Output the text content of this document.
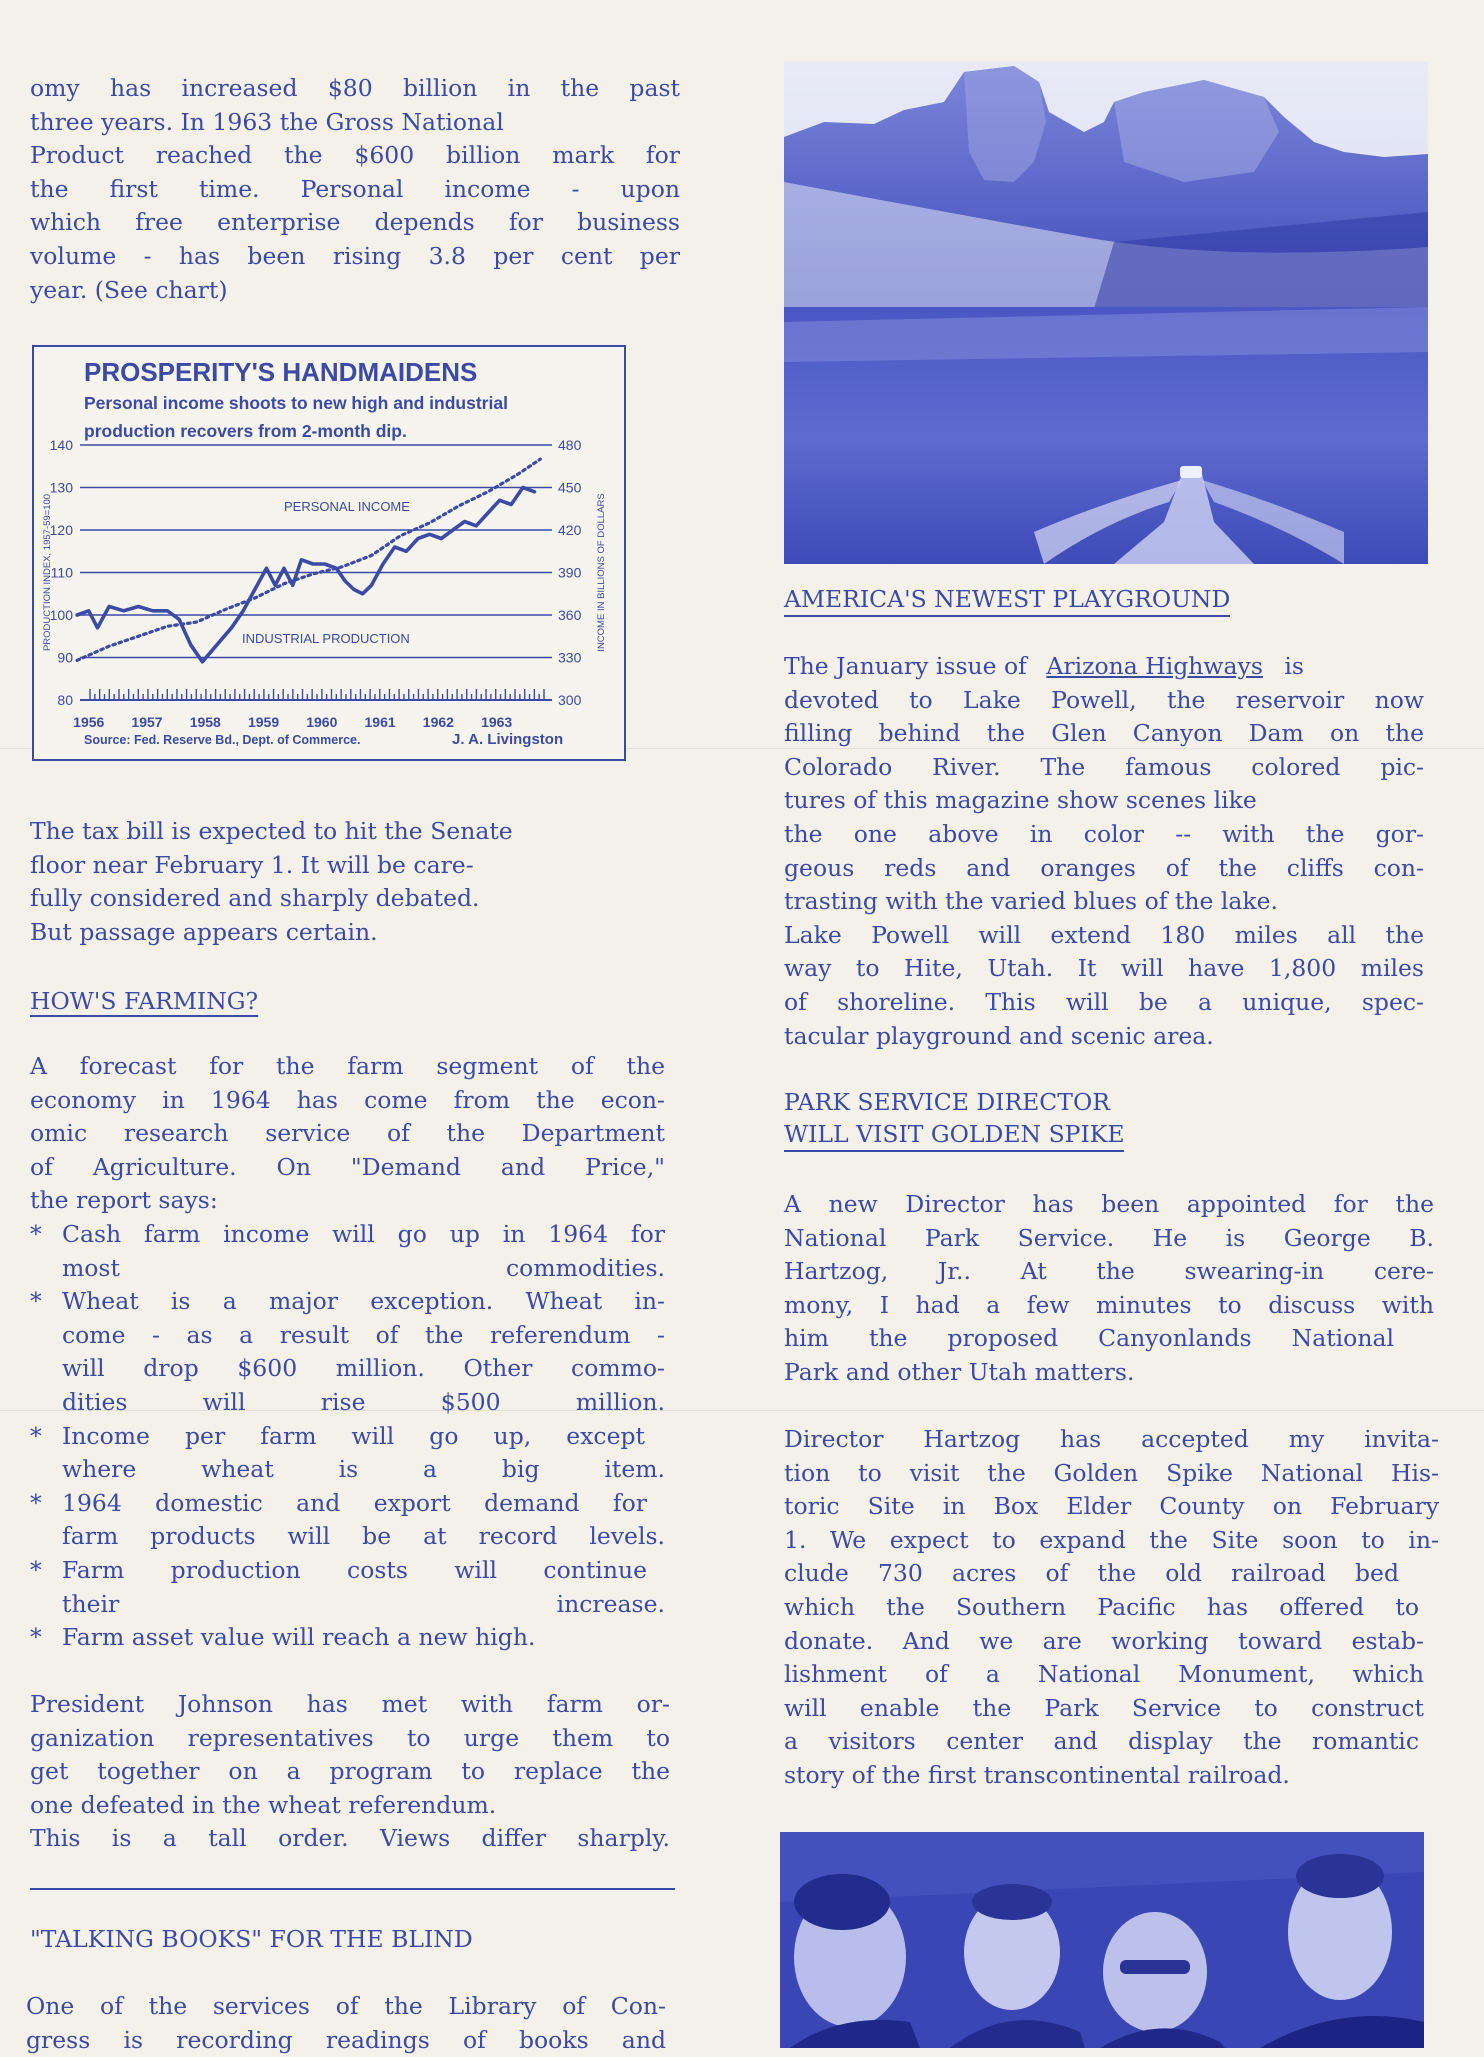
omy has increased $80 billion in the past

three years. In 1963 the Gross National

Product reached the $600 billion mark for

the first time. Personal income - upon

which free enterprise depends for business

volume - has been rising 3.8 per cent per

year. (See chart)

PROSPERITY'S HANDMAIDENS
Personal income shoots to new high and industrial production recovers from 2-month dip.
140
130
120
110
100
90
80
480
450
420
390
360
330
300
PRODUCTION INDEX, 1957-59=100	INCOME IN BILLIONS OF DOLLARS
1956 1957 1958 1959 1960 1961 1962 1963
PERSONAL INCOME
INDUSTRIAL PRODUCTION
Source: Fed. Reserve Bd., Dept. of Commerce.	J. A. Livingston

The tax bill is expected to hit the Senate

floor near February 1. It will be care-

fully considered and sharply debated.

But passage appears certain.

HOW'S FARMING?

A forecast for the farm segment of the

economy in 1964 has come from the econ-

omic research service of the Department

of Agriculture. On "Demand and Price,"

the report says:

* Cash farm income will go up in 1964 for
most commodities.
* Wheat is a major exception. Wheat in-
come - as a result of the referendum -
will drop $600 million. Other commo-
dities will rise $500 million.
* Income per farm will go up, except
where wheat is a big item.
* 1964 domestic and export demand for
farm products will be at record levels.
* Farm production costs will continue
their increase.
* Farm asset value will reach a new high.

President Johnson has met with farm or-

ganization representatives to urge them to

get together on a program to replace the

one defeated in the wheat referendum.

This is a tall order. Views differ sharply.

"TALKING BOOKS" FOR THE BLIND

One of the services of the Library of Con-

gress is recording readings of books and

AMERICA'S NEWEST PLAYGROUND

The January issue of Arizona Highways is

devoted to Lake Powell, the reservoir now

filling behind the Glen Canyon Dam on the

Colorado River. The famous colored pic-

tures of this magazine show scenes like

the one above in color -- with the gor-

geous reds and oranges of the cliffs con-

trasting with the varied blues of the lake.

Lake Powell will extend 180 miles all the

way to Hite, Utah. It will have 1,800 miles

of shoreline. This will be a unique, spec-

tacular playground and scenic area.

PARK SERVICE DIRECTOR
WILL VISIT GOLDEN SPIKE

A new Director has been appointed for the

National Park Service. He is George B.

Hartzog, Jr.. At the swearing-in cere-

mony, I had a few minutes to discuss with

him the proposed Canyonlands National

Park and other Utah matters.

Director Hartzog has accepted my invita-

tion to visit the Golden Spike National His-

toric Site in Box Elder County on February

1. We expect to expand the Site soon to in-

clude 730 acres of the old railroad bed

which the Southern Pacific has offered to

donate. And we are working toward estab-

lishment of a National Monument, which

will enable the Park Service to construct

a visitors center and display the romantic

story of the first transcontinental railroad.
